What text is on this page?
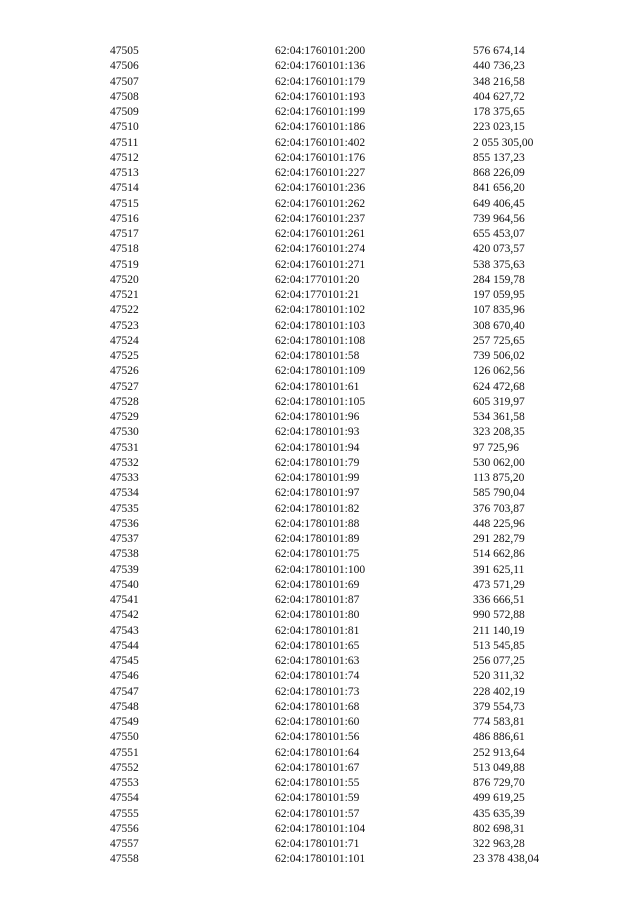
47505	62:04:1760101:200	576 674,14
47506	62:04:1760101:136	440 736,23
47507	62:04:1760101:179	348 216,58
47508	62:04:1760101:193	404 627,72
47509	62:04:1760101:199	178 375,65
47510	62:04:1760101:186	223 023,15
47511	62:04:1760101:402	2 055 305,00
47512	62:04:1760101:176	855 137,23
47513	62:04:1760101:227	868 226,09
47514	62:04:1760101:236	841 656,20
47515	62:04:1760101:262	649 406,45
47516	62:04:1760101:237	739 964,56
47517	62:04:1760101:261	655 453,07
47518	62:04:1760101:274	420 073,57
47519	62:04:1760101:271	538 375,63
47520	62:04:1770101:20	284 159,78
47521	62:04:1770101:21	197 059,95
47522	62:04:1780101:102	107 835,96
47523	62:04:1780101:103	308 670,40
47524	62:04:1780101:108	257 725,65
47525	62:04:1780101:58	739 506,02
47526	62:04:1780101:109	126 062,56
47527	62:04:1780101:61	624 472,68
47528	62:04:1780101:105	605 319,97
47529	62:04:1780101:96	534 361,58
47530	62:04:1780101:93	323 208,35
47531	62:04:1780101:94	97 725,96
47532	62:04:1780101:79	530 062,00
47533	62:04:1780101:99	113 875,20
47534	62:04:1780101:97	585 790,04
47535	62:04:1780101:82	376 703,87
47536	62:04:1780101:88	448 225,96
47537	62:04:1780101:89	291 282,79
47538	62:04:1780101:75	514 662,86
47539	62:04:1780101:100	391 625,11
47540	62:04:1780101:69	473 571,29
47541	62:04:1780101:87	336 666,51
47542	62:04:1780101:80	990 572,88
47543	62:04:1780101:81	211 140,19
47544	62:04:1780101:65	513 545,85
47545	62:04:1780101:63	256 077,25
47546	62:04:1780101:74	520 311,32
47547	62:04:1780101:73	228 402,19
47548	62:04:1780101:68	379 554,73
47549	62:04:1780101:60	774 583,81
47550	62:04:1780101:56	486 886,61
47551	62:04:1780101:64	252 913,64
47552	62:04:1780101:67	513 049,88
47553	62:04:1780101:55	876 729,70
47554	62:04:1780101:59	499 619,25
47555	62:04:1780101:57	435 635,39
47556	62:04:1780101:104	802 698,31
47557	62:04:1780101:71	322 963,28
47558	62:04:1780101:101	23 378 438,04
